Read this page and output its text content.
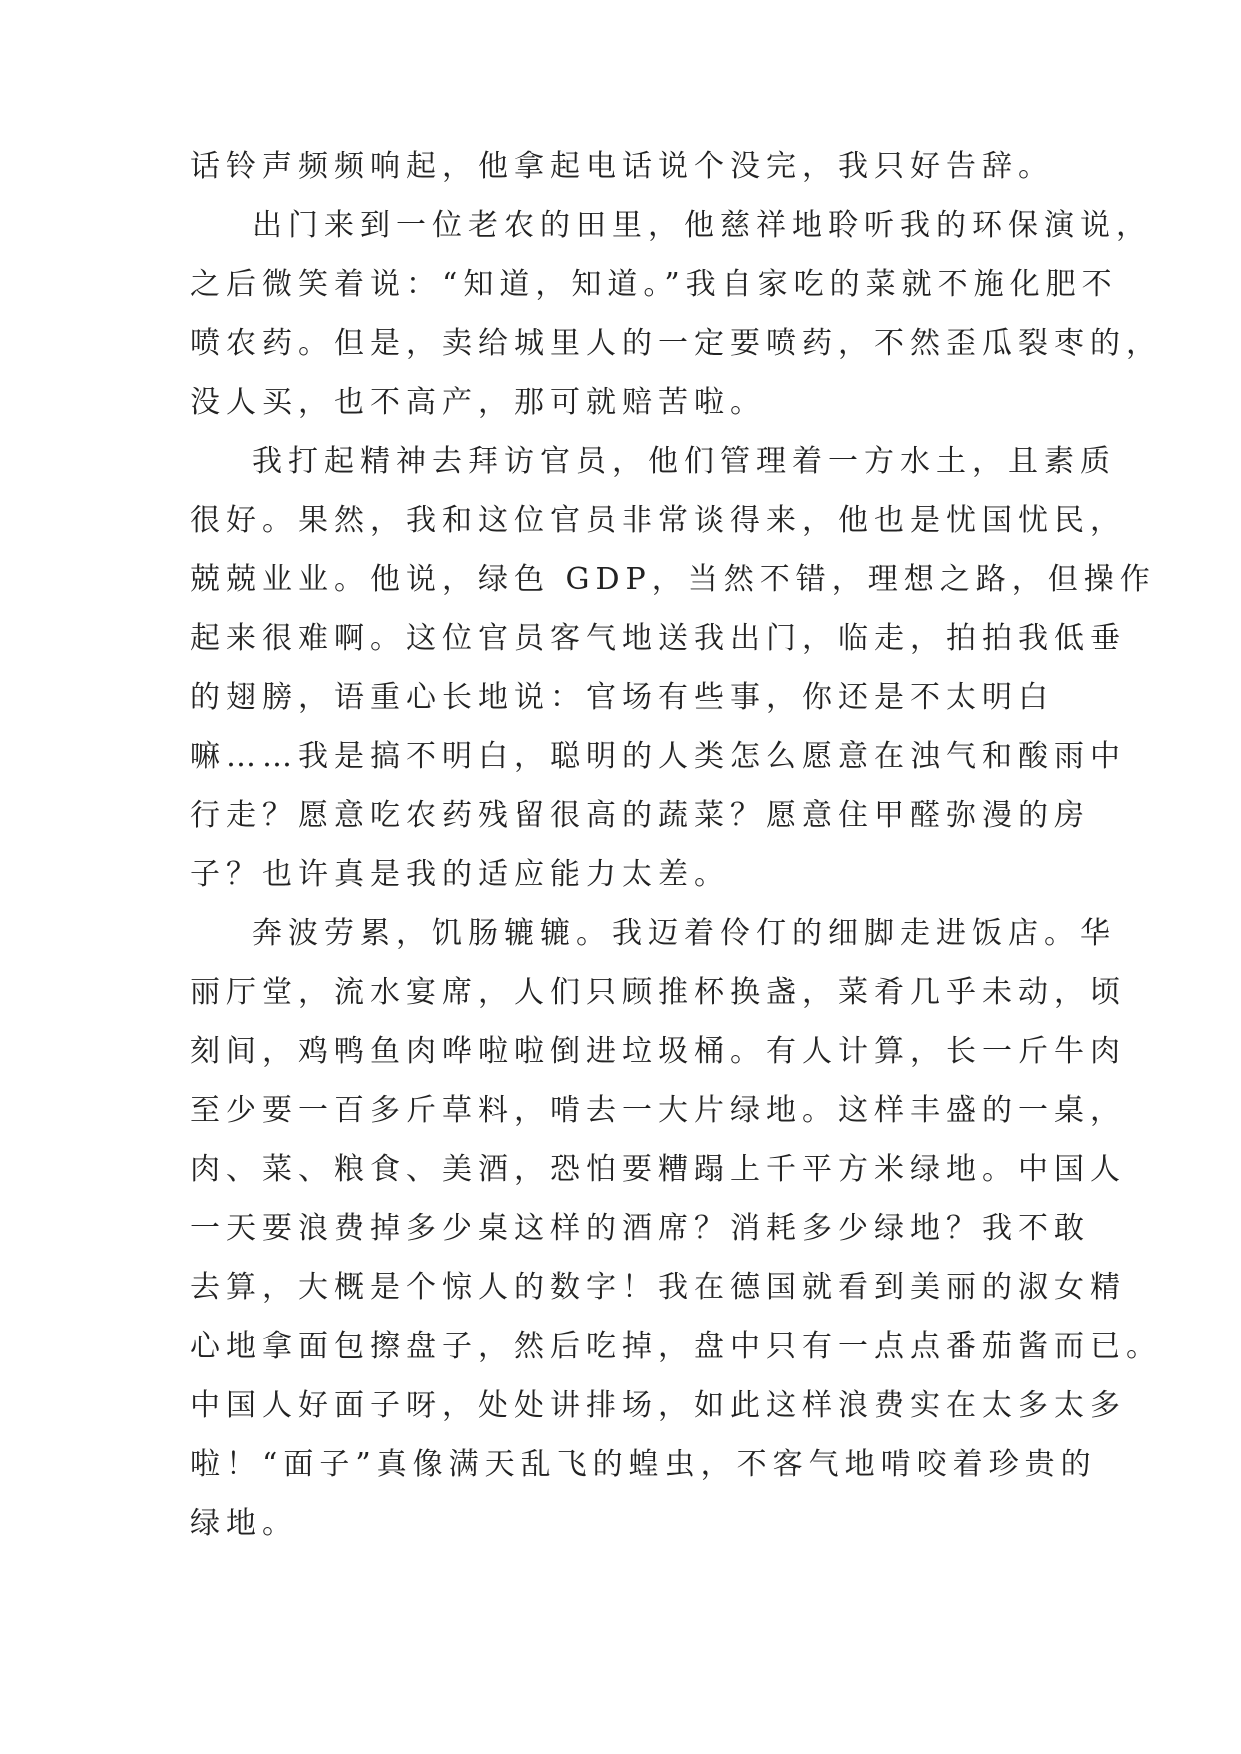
话铃声频频响起，他拿起电话说个没完，我只好告辞。
出门来到一位老农的田里，他慈祥地聆听我的环保演说，
之后微笑着说：“知道，知道。”我自家吃的菜就不施化肥不
喷农药。但是，卖给城里人的一定要喷药，不然歪瓜裂枣的，
没人买，也不高产，那可就赔苦啦。
我打起精神去拜访官员，他们管理着一方水土，且素质
很好。果然，我和这位官员非常谈得来，他也是忧国忧民，
兢兢业业。他说，绿色 GDP，当然不错，理想之路，但操作
起来很难啊。这位官员客气地送我出门，临走，拍拍我低垂
的翅膀，语重心长地说：官场有些事，你还是不太明白
嘛……我是搞不明白，聪明的人类怎么愿意在浊气和酸雨中
行走？愿意吃农药残留很高的蔬菜？愿意住甲醛弥漫的房
子？也许真是我的适应能力太差。
奔波劳累，饥肠辘辘。我迈着伶仃的细脚走进饭店。华
丽厅堂，流水宴席，人们只顾推杯换盏，菜肴几乎未动，顷
刻间，鸡鸭鱼肉哗啦啦倒进垃圾桶。有人计算，长一斤牛肉
至少要一百多斤草料，啃去一大片绿地。这样丰盛的一桌，
肉、菜、粮食、美酒，恐怕要糟蹋上千平方米绿地。中国人
一天要浪费掉多少桌这样的酒席？消耗多少绿地？我不敢
去算，大概是个惊人的数字！我在德国就看到美丽的淑女精
心地拿面包擦盘子，然后吃掉，盘中只有一点点番茄酱而已。
中国人好面子呀，处处讲排场，如此这样浪费实在太多太多
啦！“面子”真像满天乱飞的蝗虫，不客气地啃咬着珍贵的
绿地。
